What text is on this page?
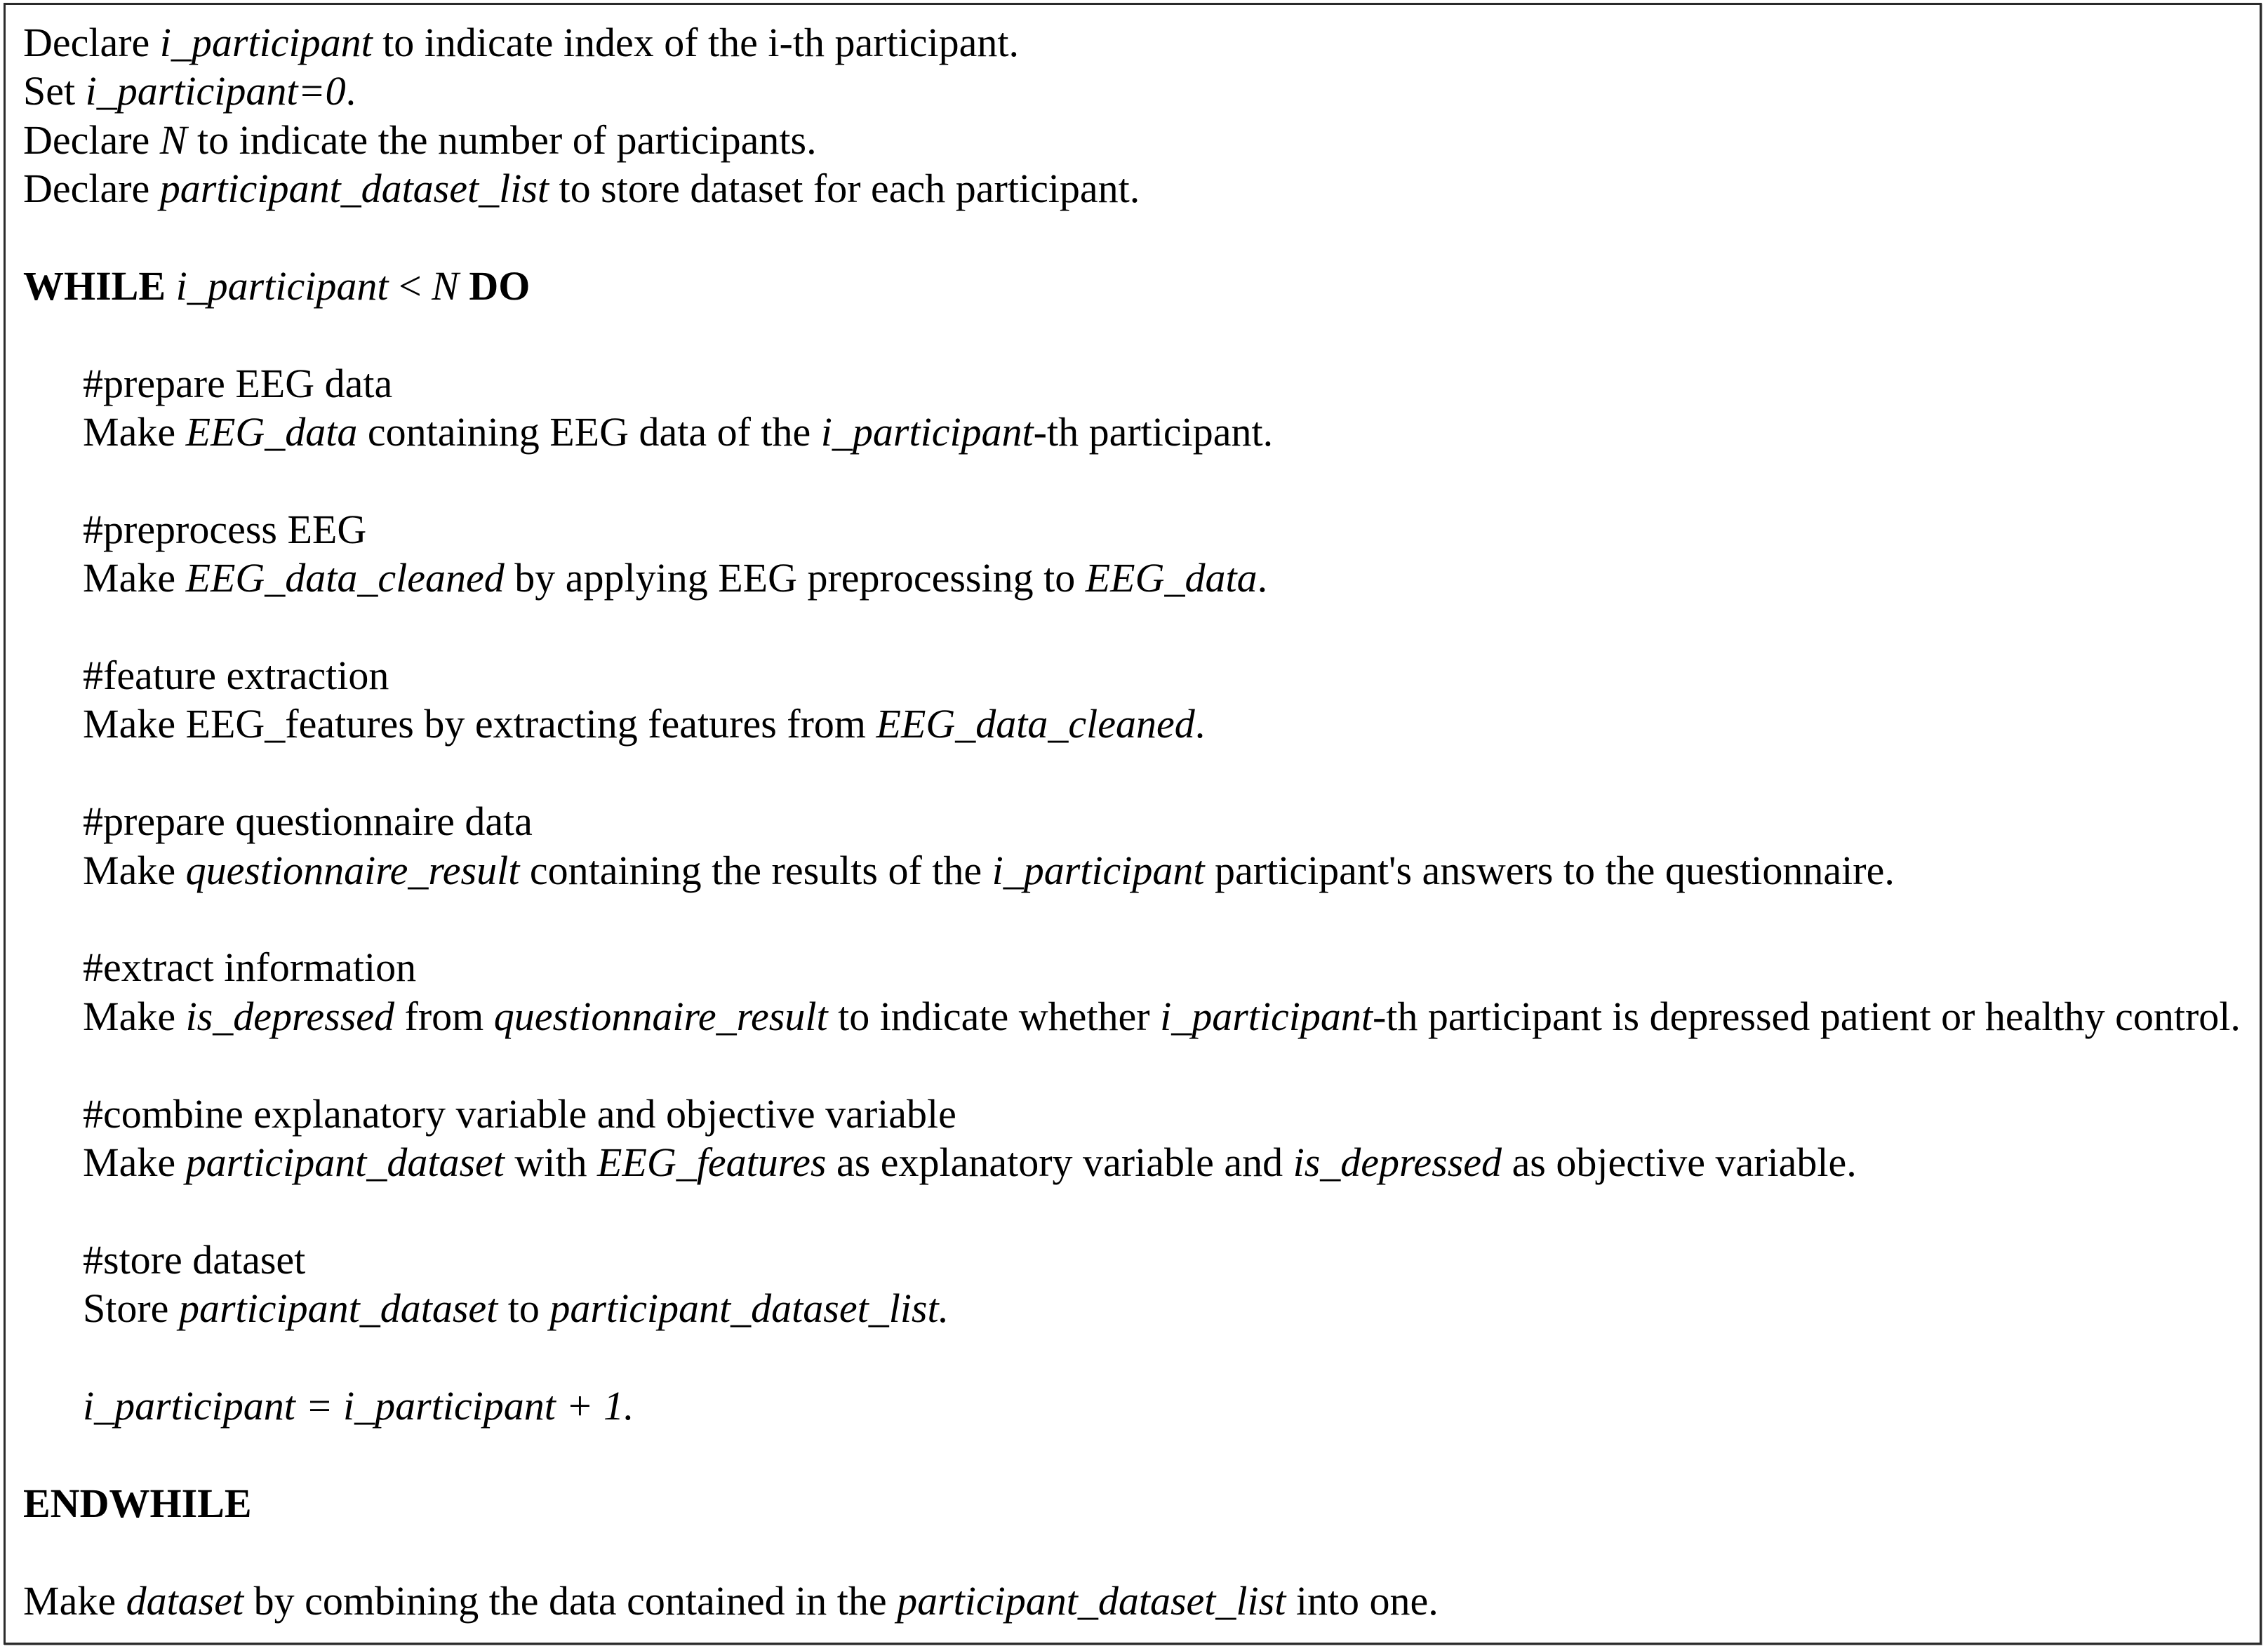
Declare i_participant to indicate index of the i-th participant.
Set i_participant=0.
Declare N to indicate the number of participants.
Declare participant_dataset_list to store dataset for each participant.
WHILE i_participant < N DO
#prepare EEG data
Make EEG_data containing EEG data of the i_participant-th participant.
#preprocess EEG
Make EEG_data_cleaned by applying EEG preprocessing to EEG_data.
#feature extraction
Make EEG_features by extracting features from EEG_data_cleaned.
#prepare questionnaire data
Make questionnaire_result containing the results of the i_participant participant's answers to the questionnaire.
#extract information
Make is_depressed from questionnaire_result to indicate whether i_participant-th participant is depressed patient or healthy control.
#combine explanatory variable and objective variable
Make participant_dataset with EEG_features as explanatory variable and is_depressed as objective variable.
#store dataset
Store participant_dataset to participant_dataset_list.
i_participant = i_participant + 1.
ENDWHILE
Make dataset by combining the data contained in the participant_dataset_list into one.
